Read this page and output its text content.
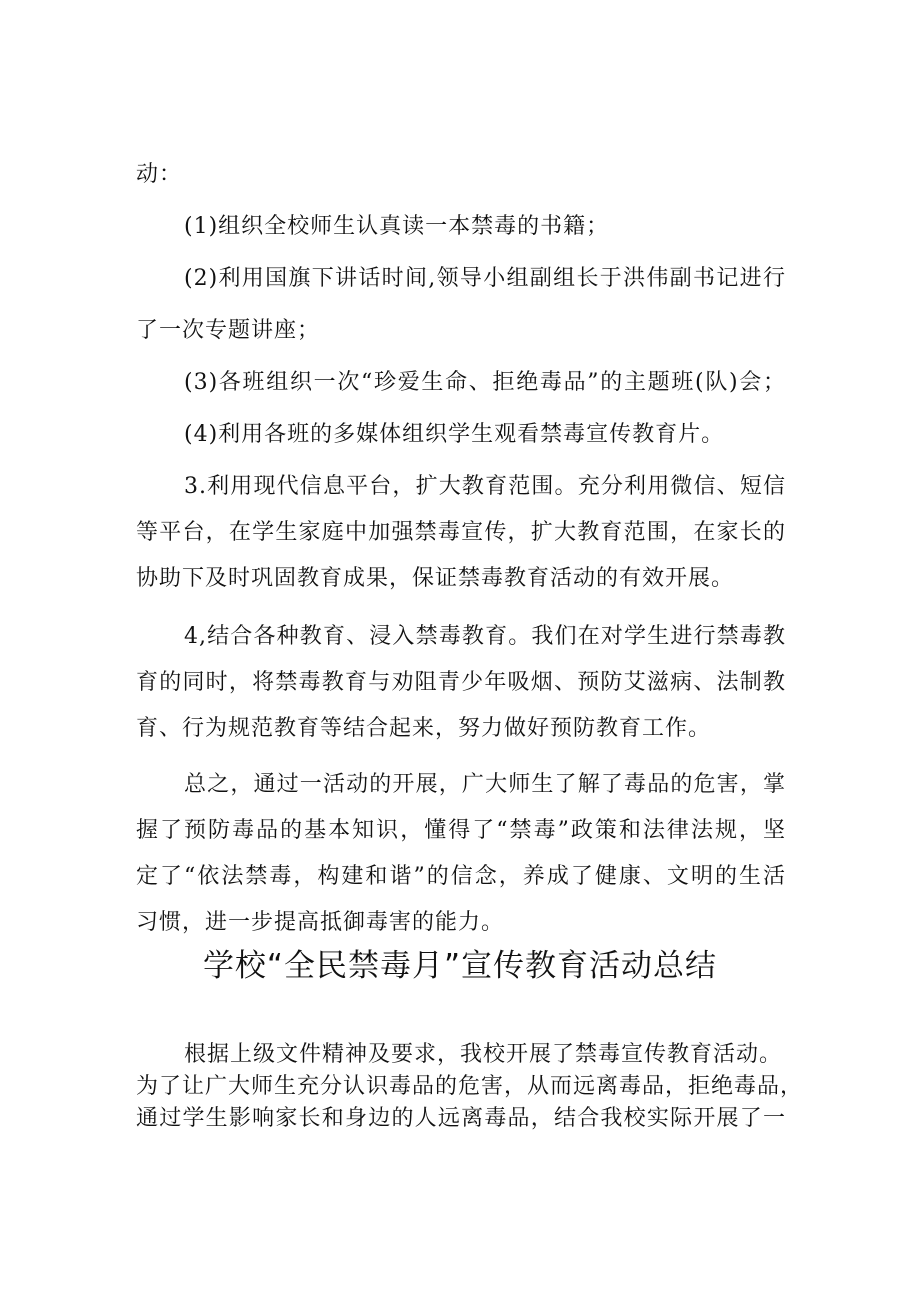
动：
(1)组织全校师生认真读一本禁毒的书籍；
(2)利用国旗下讲话时间,领导小组副组长于洪伟副书记进行
了一次专题讲座；
(3)各班组织一次“珍爱生命、拒绝毒品”的主题班(队)会；
(4)利用各班的多媒体组织学生观看禁毒宣传教育片。
3.利用现代信息平台，扩大教育范围。充分利用微信、短信
等平台，在学生家庭中加强禁毒宣传，扩大教育范围，在家长的
协助下及时巩固教育成果，保证禁毒教育活动的有效开展。
4,结合各种教育、浸入禁毒教育。我们在对学生进行禁毒教
育的同时，将禁毒教育与劝阻青少年吸烟、预防艾滋病、法制教
育、行为规范教育等结合起来，努力做好预防教育工作。
总之，通过一活动的开展，广大师生了解了毒品的危害，掌
握了预防毒品的基本知识，懂得了“禁毒”政策和法律法规，坚
定了“依法禁毒，构建和谐”的信念，养成了健康、文明的生活
习惯，进一步提高抵御毒害的能力。
学校“全民禁毒月”宣传教育活动总结
根据上级文件精神及要求，我校开展了禁毒宣传教育活动。
为了让广大师生充分认识毒品的危害，从而远离毒品，拒绝毒品，
通过学生影响家长和身边的人远离毒品，结合我校实际开展了一
